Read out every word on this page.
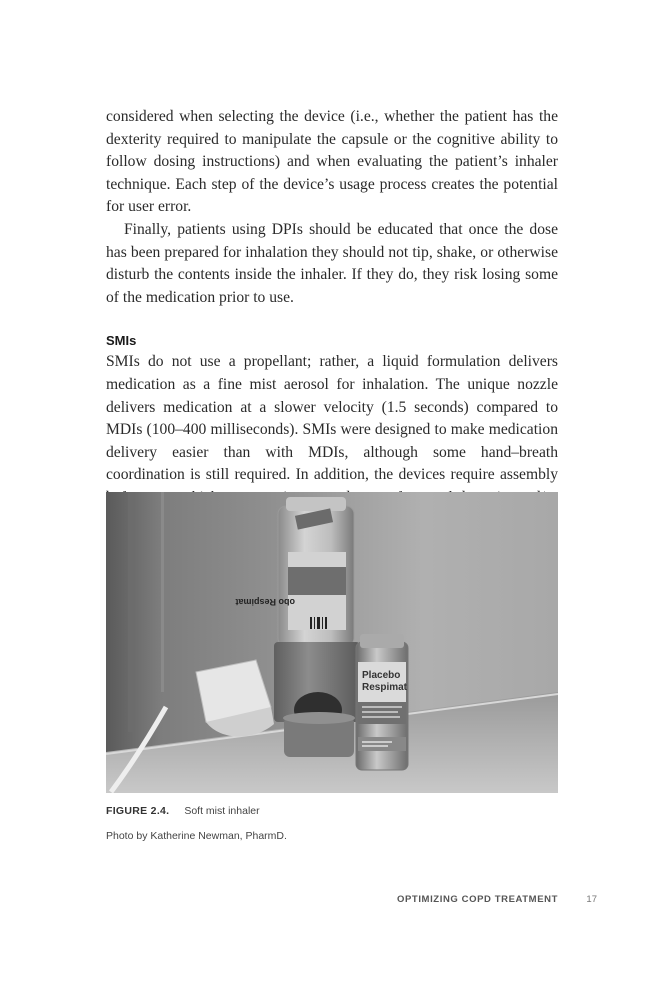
considered when selecting the device (i.e., whether the patient has the dexterity required to manipulate the capsule or the cognitive ability to follow dosing instructions) and when evaluating the patient’s inhaler technique. Each step of the device’s usage process creates the potential for user error.

Finally, patients using DPIs should be educated that once the dose has been prepared for inhalation they should not tip, shake, or otherwise disturb the contents inside the inhaler. If they do, they risk losing some of the medication prior to use.

SMIs

SMIs do not use a propellant; rather, a liquid formulation delivers medication as a fine mist aerosol for inhalation. The unique nozzle delivers medication at a slower velocity (1.5 seconds) compared to MDIs (100–400 milliseconds). SMIs were designed to make medication delivery easier than with MDIs, although some hand–breath coordination is still required. In addition, the devices require assembly

obo Respimat
Placebo
Respimat
FIGURE 2.4. Soft mist inhaler
Photo by Katherine Newman, PharmD.
OPTIMIZING COPD TREATMENT	17
